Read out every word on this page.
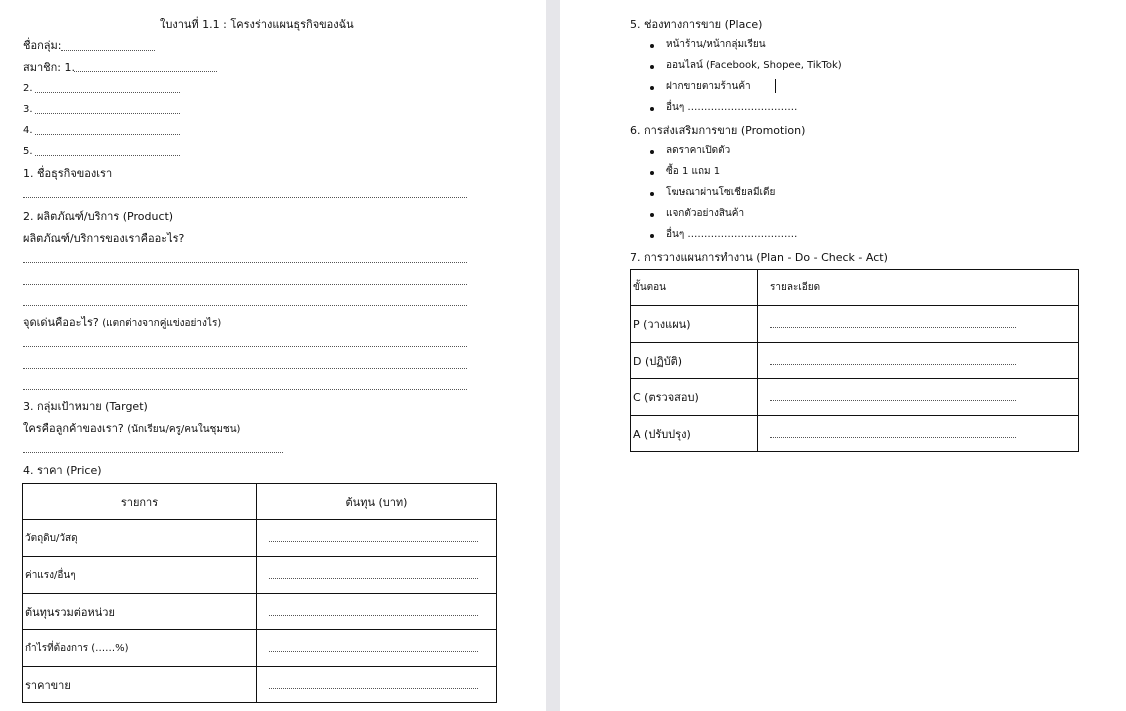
ใบงานที่ 1.1 : โครงร่างแผนธุรกิจของฉัน
ชื่อกลุ่ม:
สมาชิก: 1.
2.
3.
4.
5.
1. ชื่อธุรกิจของเรา
2. ผลิตภัณฑ์/บริการ (Product)
ผลิตภัณฑ์/บริการของเราคืออะไร?
จุดเด่นคืออะไร? (แตกต่างจากคู่แข่งอย่างไร)
3. กลุ่มเป้าหมาย (Target)
ใครคือลูกค้าของเรา? (นักเรียน/ครู/คนในชุมชน)
4. ราคา (Price)
รายการ	ต้นทุน (บาท)
วัตถุดิบ/วัสดุ	

ค่าแรง/อื่นๆ	

ต้นทุนรวมต่อหน่วย	

กำไรที่ต้องการ (……%)	

ราคาขาย	
5. ช่องทางการขาย (Place)
หน้าร้าน/หน้ากลุ่มเรียน
ออนไลน์ (Facebook, Shopee, TikTok)
ฝากขายตามร้านค้า
อื่นๆ ……………………………
6. การส่งเสริมการขาย (Promotion)
ลดราคาเปิดตัว
ซื้อ 1 แถม 1
โฆษณาผ่านโซเชียลมีเดีย
แจกตัวอย่างสินค้า
อื่นๆ ……………………………
7. การวางแผนการทำงาน (Plan - Do - Check - Act)
ขั้นตอน	รายละเอียด
P (วางแผน)	

D (ปฏิบัติ)	

C (ตรวจสอบ)	

A (ปรับปรุง)	
